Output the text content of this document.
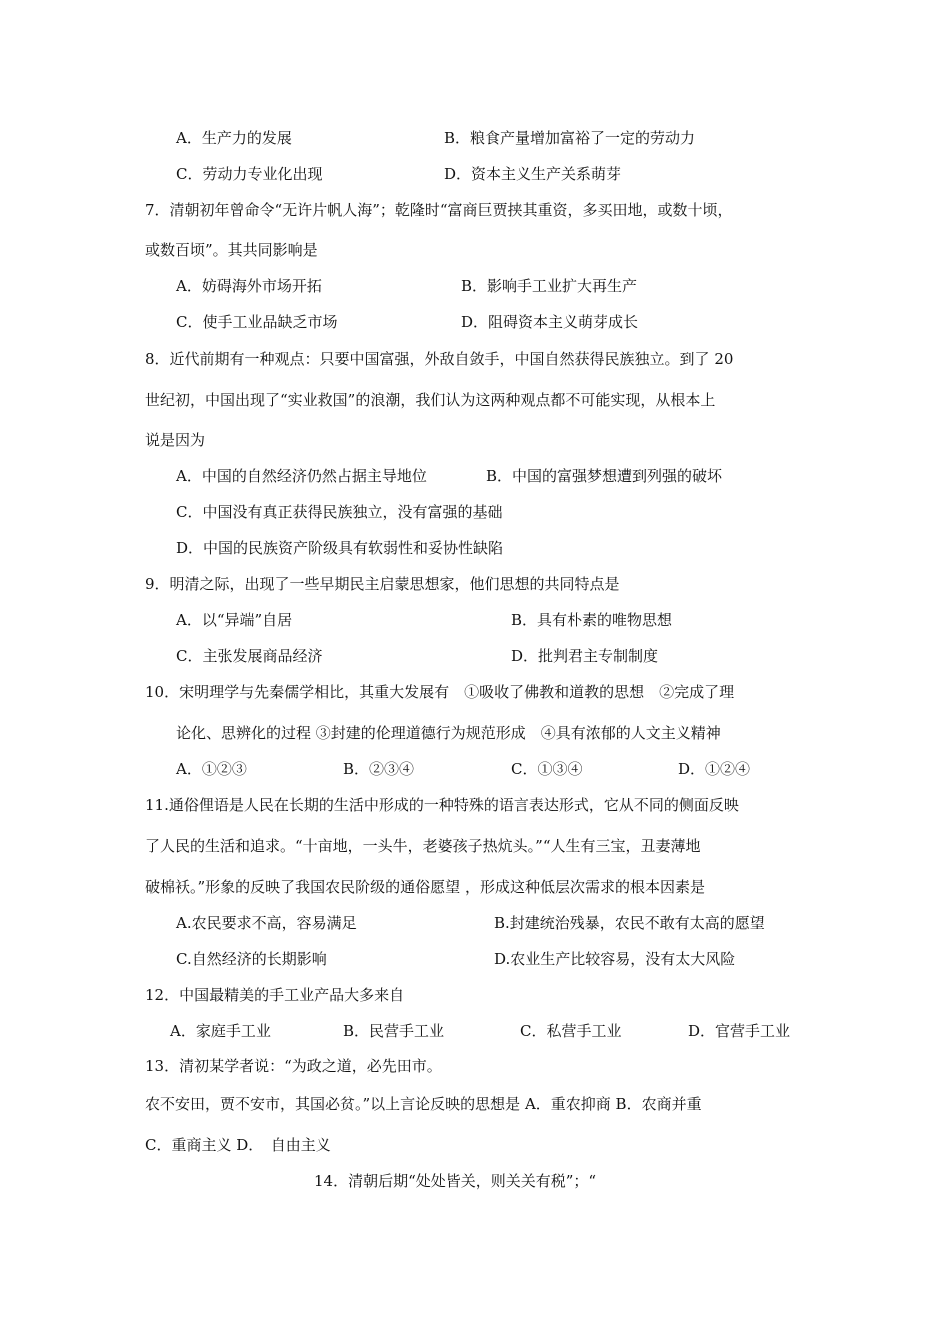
A．生产力的发展	B．粮食产量增加富裕了一定的劳动力
C．劳动力专业化出现	D．资本主义生产关系萌芽
7．清朝初年曾命令“无许片帆人海”；乾隆时“富商巨贾挟其重资，多买田地，或数十顷，
或数百顷”。其共同影响是
A．妨碍海外市场开拓	B．影响手工业扩大再生产
C．使手工业品缺乏市场	D．阻碍资本主义萌芽成长
8．近代前期有一种观点：只要中国富强，外敌自敛手，中国自然获得民族独立。到了 20
世纪初，中国出现了“实业救国”的浪潮，我们认为这两种观点都不可能实现，从根本上
说是因为
A．中国的自然经济仍然占据主导地位	B．中国的富强梦想遭到列强的破坏
C．中国没有真正获得民族独立，没有富强的基础
D．中国的民族资产阶级具有软弱性和妥协性缺陷
9．明清之际，出现了一些早期民主启蒙思想家，他们思想的共同特点是
A．以“异端”自居	B．具有朴素的唯物思想
C．主张发展商品经济	D．批判君主专制制度
10．宋明理学与先秦儒学相比，其重大发展有　①吸收了佛教和道教的思想　②完成了理
论化、思辨化的过程 ③封建的伦理道德行为规范形成　④具有浓郁的人文主义精神
A．①②③	B．②③④	C．①③④	D．①②④
11.通俗俚语是人民在长期的生活中形成的一种特殊的语言表达形式，它从不同的侧面反映
了人民的生活和追求。“十亩地，一头牛，老婆孩子热炕头。”“人生有三宝，丑妻薄地
破棉袄。”形象的反映了我国农民阶级的通俗愿望 ，形成这种低层次需求的根本因素是
A.农民要求不高，容易满足	B.封建统治残暴，农民不敢有太高的愿望
C.自然经济的长期影响	D.农业生产比较容易，没有太大风险
12．中国最精美的手工业产品大多来自
A．家庭手工业	B．民营手工业	C．私营手工业	D．官营手工业
13．清初某学者说：“为政之道，必先田市。
农不安田，贾不安市，其国必贫。”以上言论反映的思想是 A．重农抑商 B．农商并重
C．重商主义 D．　自由主义
14．清朝后期“处处皆关，则关关有税”；“
